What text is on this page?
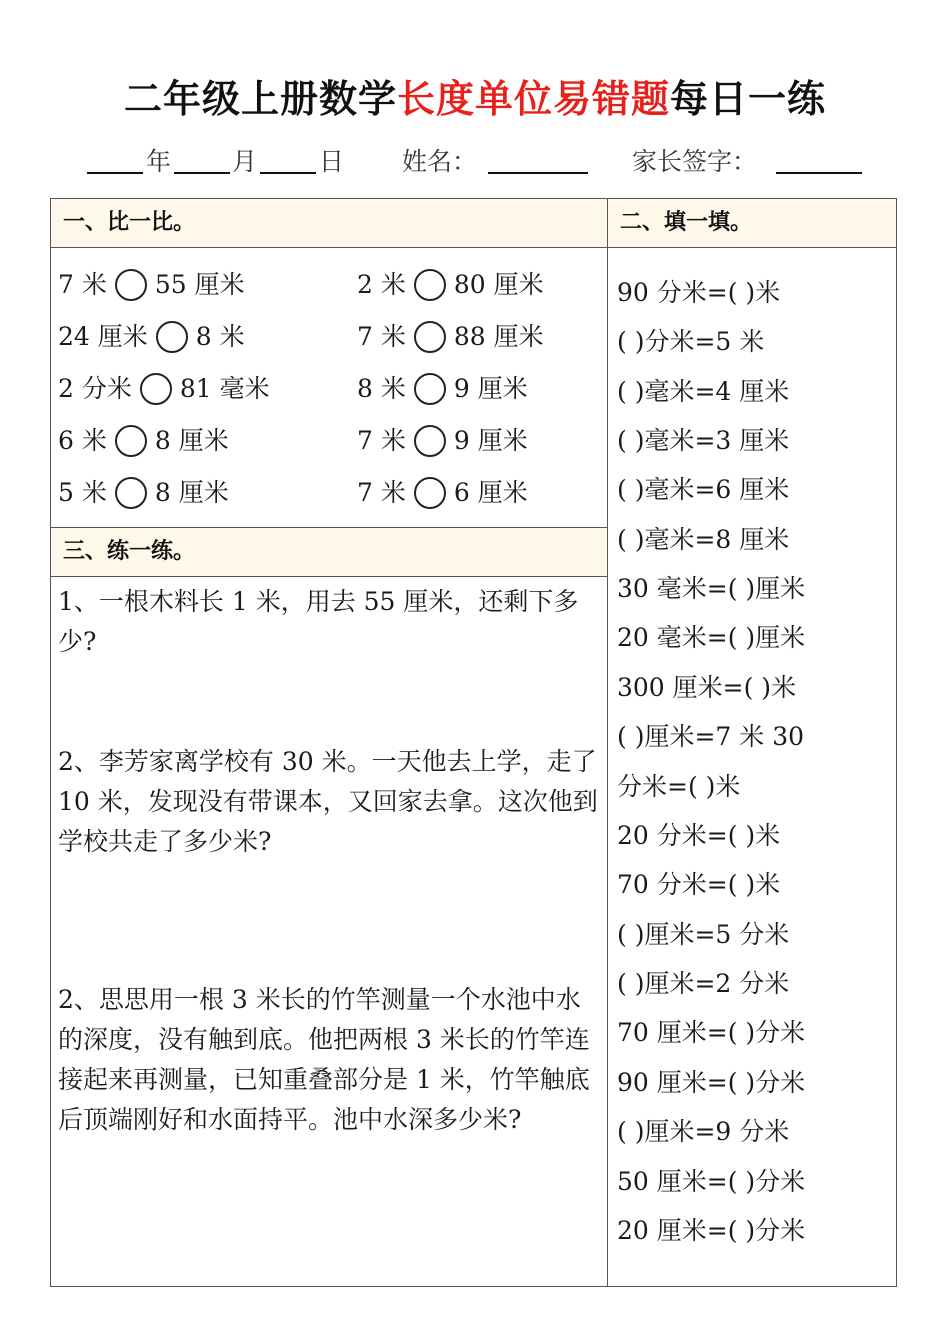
二年级上册数学长度单位易错题每日一练
年 月 日 姓名：	家长签字：
一、比一比。	二、填一填。
三、练一练。
7 米 55 厘米
24 厘米 8 米
2 分米 81 毫米
6 米 8 厘米
5 米 8 厘米
2 米 80 厘米
7 米 88 厘米
8 米 9 厘米
7 米 9 厘米
7 米 6 厘米
90 分米=( )米
( )分米=5 米
( )毫米=4 厘米
( )毫米=3 厘米
( )毫米=6 厘米
( )毫米=8 厘米
30 毫米=( )厘米
20 毫米=( )厘米
300 厘米=( )米
( )厘米=7 米 30
分米=( )米
20 分米=( )米
70 分米=( )米
( )厘米=5 分米
( )厘米=2 分米
70 厘米=( )分米
90 厘米=( )分米
( )厘米=9 分米
50 厘米=( )分米
20 厘米=( )分米
1、一根木料长 1 米，用去 55 厘米，还剩下多少?
2、李芳家离学校有 30 米。一天他去上学，走了 10 米，发现没有带课本，又回家去拿。这次他到学校共走了多少米?
2、思思用一根 3 米长的竹竿测量一个水池中水的深度，没有触到底。他把两根 3 米长的竹竿连接起来再测量，已知重叠部分是 1 米，竹竿触底后顶端刚好和水面持平。池中水深多少米?
